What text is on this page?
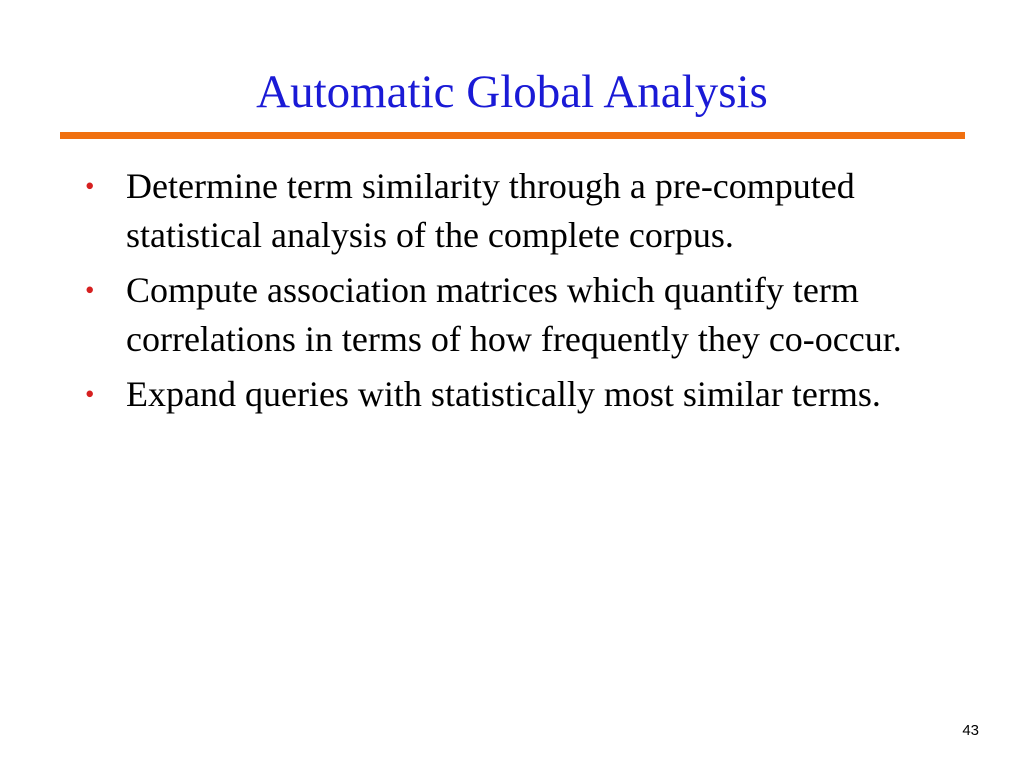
Automatic Global Analysis
• Determine term similarity through a pre-computed statistical analysis of the complete corpus.
• Compute association matrices which quantify term correlations in terms of how frequently they co-occur.
• Expand queries with statistically most similar terms.
43
